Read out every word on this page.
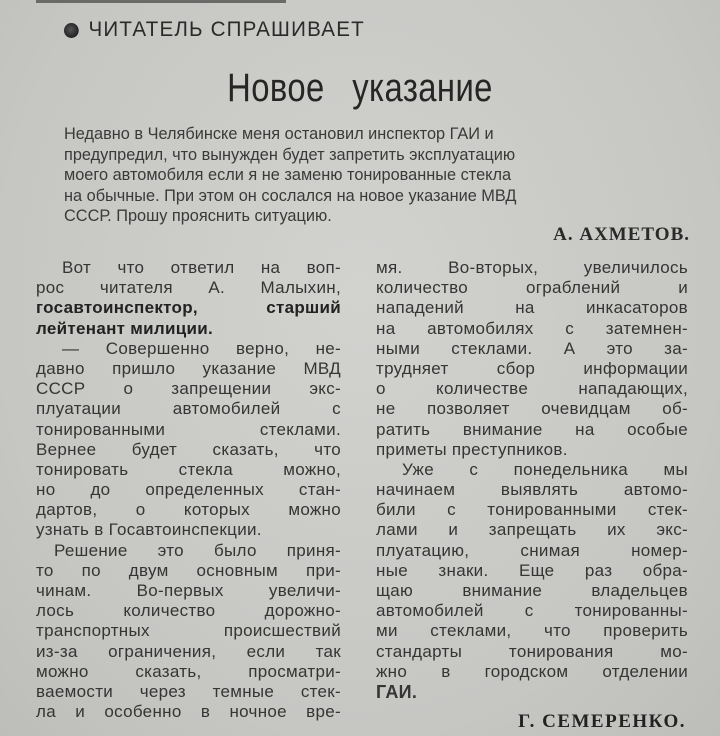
ЧИТАТЕЛЬ СПРАШИВАЕТ
Новое указание

Недавно в Челябинске меня остановил инспектор ГАИ и

предупредил, что вынужден будет запретить эксплуатацию

моего автомобиля если я не заменю тонированные стекла

на обычные. При этом он сослался на новое указание МВД

СССР. Прошу прояснить ситуацию.

А. АХМЕТОВ.
Вот что ответил на воп-
рос читателя А. Малыхин,
госавтоинспектор, старший
лейтенант милиции.
— Совершенно верно, не-
давно пришло указание МВД
СССР о запрещении экс-
плуатации автомобилей с
тонированными стеклами.
Вернее будет сказать, что
тонировать стекла можно,
но до определенных стан-
дартов, о которых можно
узнать в Госавтоинспекции.
Решение это было приня-
то по двум основным при-
чинам. Во-первых увеличи-
лось количество дорожно-
транспортных происшествий
из-за ограничения, если так
можно сказать, просматри-
ваемости через темные стек-
ла и особенно в ночное вре-
мя. Во-вторых, увеличилось
количество ограблений и
нападений на инкасаторов
на автомобилях с затемнен-
ными стеклами. А это за-
трудняет сбор информации
о количестве нападающих,
не позволяет очевидцам об-
ратить внимание на особые
приметы преступников.
Уже с понедельника мы
начинаем выявлять автомо-
били с тонированными стек-
лами и запрещать их экс-
плуатацию, снимая номер-
ные знаки. Еще раз обра-
щаю внимание владельцев
автомобилей с тонированны-
ми стеклами, что проверить
стандарты тонирования мо-
жно в городском отделении
ГАИ.
Г. СЕМЕРЕНКО.
